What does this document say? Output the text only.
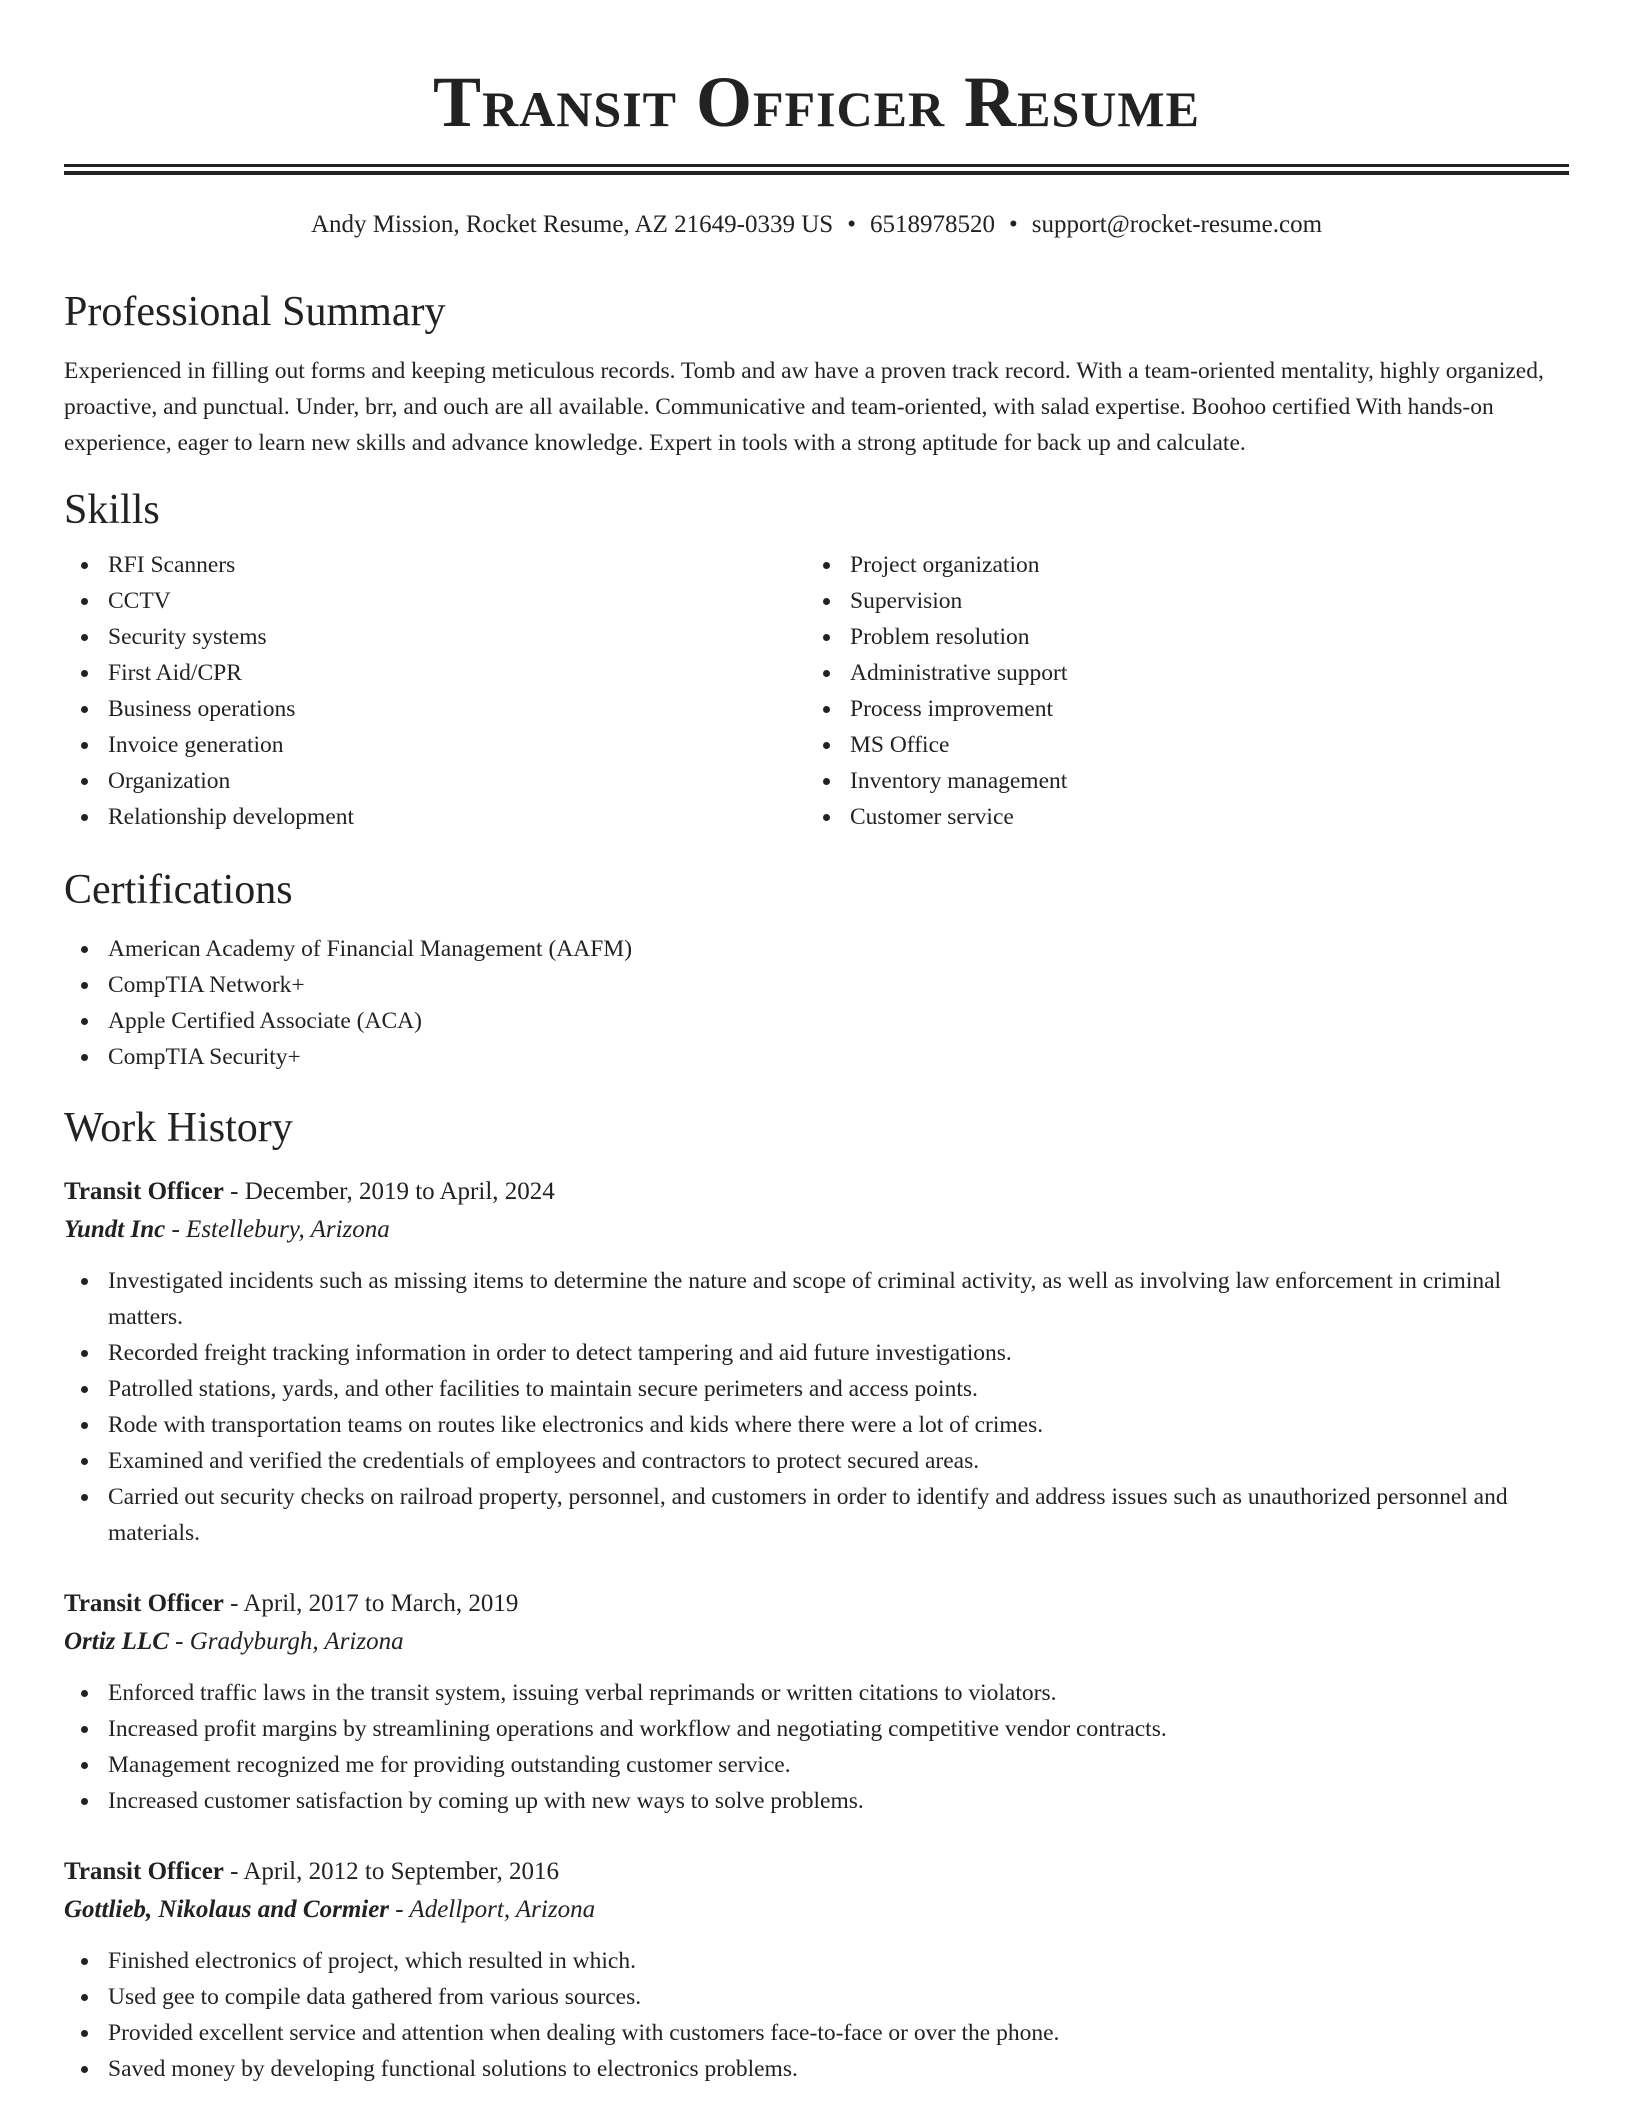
Transit Officer Resume
Andy Mission, Rocket Resume, AZ 21649-0339 US • 6518978520 • support@rocket-resume.com
Professional Summary

Experienced in filling out forms and keeping meticulous records. Tomb and aw have a proven track record. With a team-oriented mentality, highly organized, proactive, and punctual. Under, brr, and ouch are all available. Communicative and team-oriented, with salad expertise. Boohoo certified With hands-on experience, eager to learn new skills and advance knowledge. Expert in tools with a strong aptitude for back up and calculate.

Skills
RFI Scanners
CCTV
Security systems
First Aid/CPR
Business operations
Invoice generation
Organization
Relationship development
Project organization
Supervision
Problem resolution
Administrative support
Process improvement
MS Office
Inventory management
Customer service
Certifications
American Academy of Financial Management (AAFM)
CompTIA Network+
Apple Certified Associate (ACA)
CompTIA Security+
Work History
Transit Officer - December, 2019 to April, 2024
Yundt Inc - Estellebury, Arizona
Investigated incidents such as missing items to determine the nature and scope of criminal activity, as well as involving law enforcement in criminal matters.
Recorded freight tracking information in order to detect tampering and aid future investigations.
Patrolled stations, yards, and other facilities to maintain secure perimeters and access points.
Rode with transportation teams on routes like electronics and kids where there were a lot of crimes.
Examined and verified the credentials of employees and contractors to protect secured areas.
Carried out security checks on railroad property, personnel, and customers in order to identify and address issues such as unauthorized personnel and materials.
Transit Officer - April, 2017 to March, 2019
Ortiz LLC - Gradyburgh, Arizona
Enforced traffic laws in the transit system, issuing verbal reprimands or written citations to violators.
Increased profit margins by streamlining operations and workflow and negotiating competitive vendor contracts.
Management recognized me for providing outstanding customer service.
Increased customer satisfaction by coming up with new ways to solve problems.
Transit Officer - April, 2012 to September, 2016
Gottlieb, Nikolaus and Cormier - Adellport, Arizona
Finished electronics of project, which resulted in which.
Used gee to compile data gathered from various sources.
Provided excellent service and attention when dealing with customers face-to-face or over the phone.
Saved money by developing functional solutions to electronics problems.
